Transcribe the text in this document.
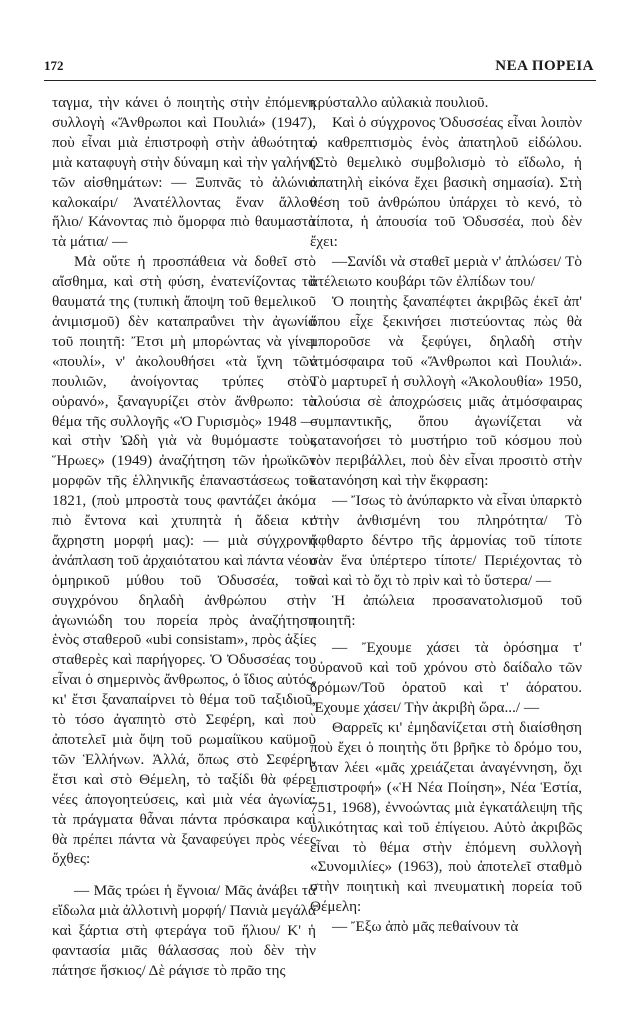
172	ΝΕΑ ΠΟΡΕΙΑ

ταγμα, τὴν κάνει ὁ ποιητὴς στὴν ἐπόμενη συλλογὴ «Ἄνθρωποι καὶ Πουλιά» (1947), ποὺ εἶναι μιὰ ἐπιστροφὴ στὴν ἀθωότητα, μιὰ καταφυγὴ στὴν δύναμη καὶ τὴν γαλήνη τῶν αἰσθημάτων: — Ξυπνᾶς τὸ ἀλώνιο καλοκαίρι/ Ἀνατέλλοντας ἕναν ἄλλον ἥλιο/ Κάνοντας πιὸ ὄμορφα πιὸ θαυμαστὰ τὰ μάτια/ —

Μὰ οὔτε ἡ προσπάθεια νὰ δοθεῖ στὸ αἴσθημα, καὶ στὴ φύση, ἐνατενίζοντας τὰ θαυματά της (τυπικὴ ἄποψη τοῦ θεμελικοῦ ἀνιμισμοῦ) δὲν καταπραΰνει τὴν ἀγωνία τοῦ ποιητῆ: Ἔτσι μὴ μπορώντας νὰ γίνει «πουλί», ν' ἀκολουθήσει «τὰ ἴχνη τῶν πουλιῶν, ἀνοίγοντας τρύπες στὸν οὐρανό», ξαναγυρίζει στὸν ἄνθρωπο: τὸ θέμα τῆς συλλογῆς «Ὁ Γυρισμὸς» 1948 — καὶ στὴν Ὠδὴ γιὰ νὰ θυμόμαστε τοὺς Ἥρωες» (1949) ἀναζήτηση τῶν ἡρωϊκῶν μορφῶν τῆς ἑλληνικῆς ἐπαναστάσεως τοῦ 1821, (ποὺ μπροστὰ τους φαντάζει ἀκόμα πιὸ ἔντονα καὶ χτυπητὰ ἡ ἄδεια κι' ἄχρηστη μορφή μας): — μιὰ σύγχρονη ἀνάπλαση τοῦ ἀρχαιότατου καὶ πάντα νέου ὁμηρικοῦ μύθου τοῦ Ὀδυσσέα, τοῦ συγχρόνου δηλαδὴ ἀνθρώπου στὴν ἀγωνιώδη του πορεία πρὸς ἀναζήτηση ἑνὸς σταθεροῦ «ubi consistam», πρὸς ἀξίες σταθερὲς καὶ παρήγορες. Ὁ Ὀδυσσέας του εἶναι ὁ σημερινὸς ἄνθρωπος, ὁ ἴδιος αὐτός, κι' ἔτσι ξαναπαίρνει τὸ θέμα τοῦ ταξιδιοῦ, τὸ τόσο ἀγαπητὸ στὸ Σεφέρη, καὶ ποὺ ἀποτελεῖ μιὰ ὄψη τοῦ ρωμαίϊκου καϋμοῦ τῶν Ἑλλήνων. Ἀλλά, ὅπως στὸ Σεφέρη, ἔτσι καὶ στὸ Θέμελη, τὸ ταξίδι θὰ φέρει νέες ἀπογοητεύσεις, καὶ μιὰ νέα ἀγωνία: τὰ πράγματα θἆναι πάντα πρόσκαιρα καὶ θὰ πρέπει πάντα νὰ ξαναφεύγει πρὸς νέες ὄχθες:

— Μᾶς τρώει ἡ ἔγνοια/ Μᾶς ἀνάβει τὰ εἴδωλα μιὰ ἀλλοτινὴ μορφή/ Πανιὰ μεγάλα καὶ ξάρτια στὴ φτεράγα τοῦ ἥλιου/ Κ' ἡ φαντασία μιᾶς θάλασσας ποὺ δὲν τὴν πάτησε ἥσκιος/ Δὲ ράγισε τὸ πρᾶο της

κρύσταλλο αὐλακιὰ πουλιοῦ.

Καὶ ὁ σύγχρονος Ὀδυσσέας εἶναι λοιπὸν ὁ καθρεπτισμὸς ἑνὸς ἀπατηλοῦ εἰδώλου. (Στὸ θεμελικὸ συμβολισμὸ τὸ εἴδωλο, ἡ ἀπατηλὴ εἰκόνα ἔχει βασικὴ σημασία). Στὴ θέση τοῦ ἀνθρώπου ὑπάρχει τὸ κενό, τὸ τίποτα, ἡ ἀπουσία τοῦ Ὀδυσσέα, ποὺ δὲν ἔχει:

—Σανίδι νὰ σταθεῖ μεριὰ ν' ἀπλώσει/ Τὸ ἀτέλειωτο κουβάρι τῶν ἐλπίδων του/

Ὁ ποιητὴς ξαναπέφτει ἀκριβῶς ἐκεῖ ἀπ' ὅπου εἶχε ξεκινήσει πιστεύοντας πὼς θὰ μποροῦσε νὰ ξεφύγει, δηλαδὴ στὴν ἀτμόσφαιρα τοῦ «Ἄνθρωποι καὶ Πουλιά». Τὸ μαρτυρεῖ ἡ συλλογὴ «Ἀκολουθία» 1950, πλούσια σὲ ἀποχρώσεις μιᾶς ἀτμόσφαιρας συμπαντικῆς, ὅπου ἀγωνίζεται νὰ κατανοήσει τὸ μυστήριο τοῦ κόσμου ποὺ τὸν περιβάλλει, ποὺ δὲν εἶναι προσιτὸ στὴν κατανόηση καὶ τὴν ἔκφραση:

— Ἴσως τὸ ἀνύπαρκτο νὰ εἶναι ὑπαρκτὸ στὴν ἀνθισμένη του πληρότητα/ Τὸ ἄφθαρτο δέντρο τῆς ἁρμονίας τοῦ τίποτε σὰν ἕνα ὑπέρτερο τίποτε/ Περιέχοντας τὸ ναὶ καὶ τὸ ὄχι τὸ πρὶν καὶ τὸ ὕστερα/ —

Ἡ ἀπώλεια προσανατολισμοῦ τοῦ ποιητῆ:

— Ἔχουμε χάσει τὰ ὀρόσημα τ' οὐρανοῦ καὶ τοῦ χρόνου στὸ δαίδαλο τῶν δρόμων/Τοῦ ὁρατοῦ καὶ τ' ἀόρατου. Ἔχουμε χάσει/ Τὴν ἀκριβὴ ὥρα.../ —

Θαρρεῖς κι' ἐμηδανίζεται στὴ διαίσθηση ποὺ ἔχει ὁ ποιητὴς ὅτι βρῆκε τὸ δρόμο του, ὅταν λέει «μᾶς χρειάζεται ἀναγέννηση, ὄχι ἐπιστροφή» («Ἡ Νέα Ποίηση», Νέα Ἑστία, 751, 1968), ἐννοώντας μιὰ ἐγκατάλειψη τῆς ὑλικότητας καὶ τοῦ ἐπίγειου. Αὐτὸ ἀκριβῶς εἶναι τὸ θέμα στὴν ἑπόμενη συλλογὴ «Συνομιλίες» (1963), ποὺ ἀποτελεῖ σταθμὸ στὴν ποιητικὴ καὶ πνευματικὴ πορεία τοῦ Θέμελη:

— Ἔξω ἀπὸ μᾶς πεθαίνουν τὰ
